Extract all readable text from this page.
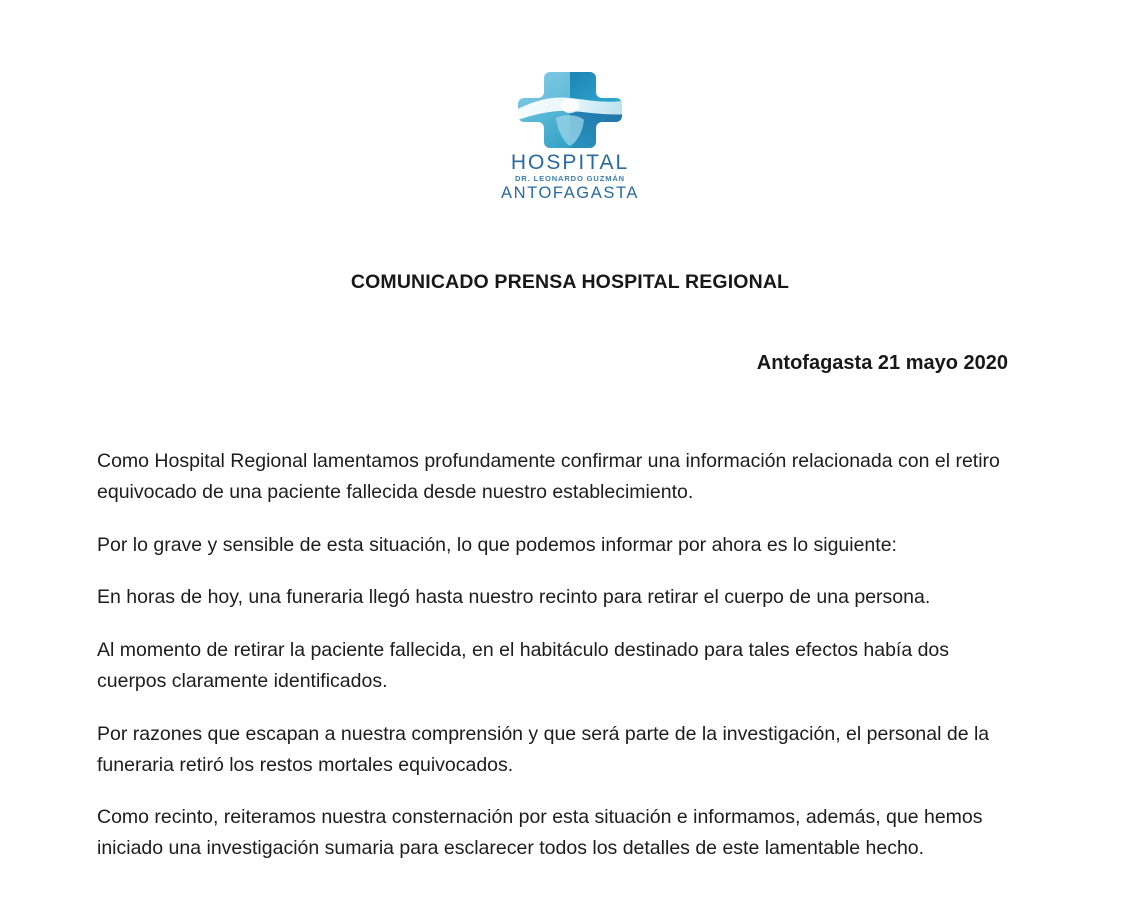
HOSPITAL
DR. LEONARDO GUZMÁN
ANTOFAGASTA
COMUNICADO PRENSA HOSPITAL REGIONAL
Antofagasta 21 mayo 2020

Como Hospital Regional lamentamos profundamente confirmar una información relacionada con el retiro equivocado de una paciente fallecida desde nuestro establecimiento.

Por lo grave y sensible de esta situación, lo que podemos informar por ahora es lo siguiente:

En horas de hoy, una funeraria llegó hasta nuestro recinto para retirar el cuerpo de una persona.

Al momento de retirar la paciente fallecida, en el habitáculo destinado para tales efectos había dos cuerpos claramente identificados.

Por razones que escapan a nuestra comprensión y que será parte de la investigación, el personal de la funeraria retiró los restos mortales equivocados.

Como recinto, reiteramos nuestra consternación por esta situación e informamos, además, que hemos iniciado una investigación sumaria para esclarecer todos los detalles de este lamentable hecho.
